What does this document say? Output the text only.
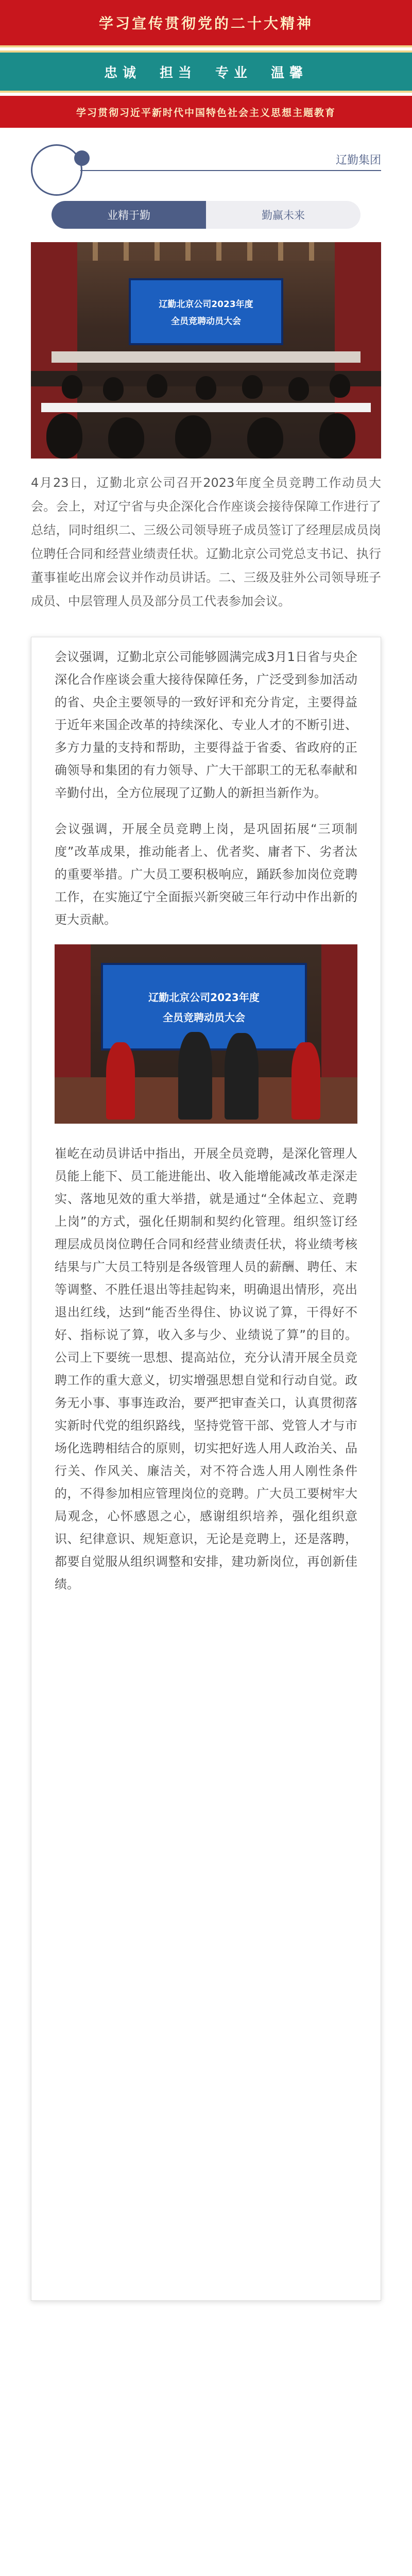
学习宣传贯彻党的二十大精神
忠诚　担当　专业　温馨
学习贯彻习近平新时代中国特色社会主义思想主题教育
辽勤集团
业精于勤	勤赢未来
辽勤北京公司2023年度
全员竞聘动员大会

4月23日，辽勤北京公司召开2023年度全员竞聘工作动员大会。会上，对辽宁省与央企深化合作座谈会接待保障工作进行了总结，同时组织二、三级公司领导班子成员签订了经理层成员岗位聘任合同和经营业绩责任状。辽勤北京公司党总支书记、执行董事崔屹出席会议并作动员讲话。二、三级及驻外公司领导班子成员、中层管理人员及部分员工代表参加会议。

会议强调，辽勤北京公司能够圆满完成3月1日省与央企深化合作座谈会重大接待保障任务，广泛受到参加活动的省、央企主要领导的一致好评和充分肯定，主要得益于近年来国企改革的持续深化、专业人才的不断引进、多方力量的支持和帮助，主要得益于省委、省政府的正确领导和集团的有力领导、广大干部职工的无私奉献和辛勤付出，全方位展现了辽勤人的新担当新作为。

会议强调，开展全员竞聘上岗，是巩固拓展“三项制度”改革成果，推动能者上、优者奖、庸者下、劣者汰的重要举措。广大员工要积极响应，踊跃参加岗位竞聘工作，在实施辽宁全面振兴新突破三年行动中作出新的更大贡献。

辽勤北京公司2023年度
全员竞聘动员大会

崔屹在动员讲话中指出，开展全员竞聘，是深化管理人员能上能下、员工能进能出、收入能增能减改革走深走实、落地见效的重大举措，就是通过“全体起立、竞聘上岗”的方式，强化任期制和契约化管理。组织签订经理层成员岗位聘任合同和经营业绩责任状，将业绩考核结果与广大员工特别是各级管理人员的薪酬、聘任、末等调整、不胜任退出等挂起钩来，明确退出情形，亮出退出红线，达到“能否坐得住、协议说了算，干得好不好、指标说了算，收入多与少、业绩说了算”的目的。公司上下要统一思想、提高站位，充分认清开展全员竞聘工作的重大意义，切实增强思想自觉和行动自觉。政务无小事、事事连政治，要严把审查关口，认真贯彻落实新时代党的组织路线，坚持党管干部、党管人才与市场化选聘相结合的原则，切实把好选人用人政治关、品行关、作风关、廉洁关，对不符合选人用人刚性条件的，不得参加相应管理岗位的竞聘。广大员工要树牢大局观念，心怀感恩之心，感谢组织培养，强化组织意识、纪律意识、规矩意识，无论是竞聘上，还是落聘，都要自觉服从组织调整和安排，建功新岗位，再创新佳绩。
